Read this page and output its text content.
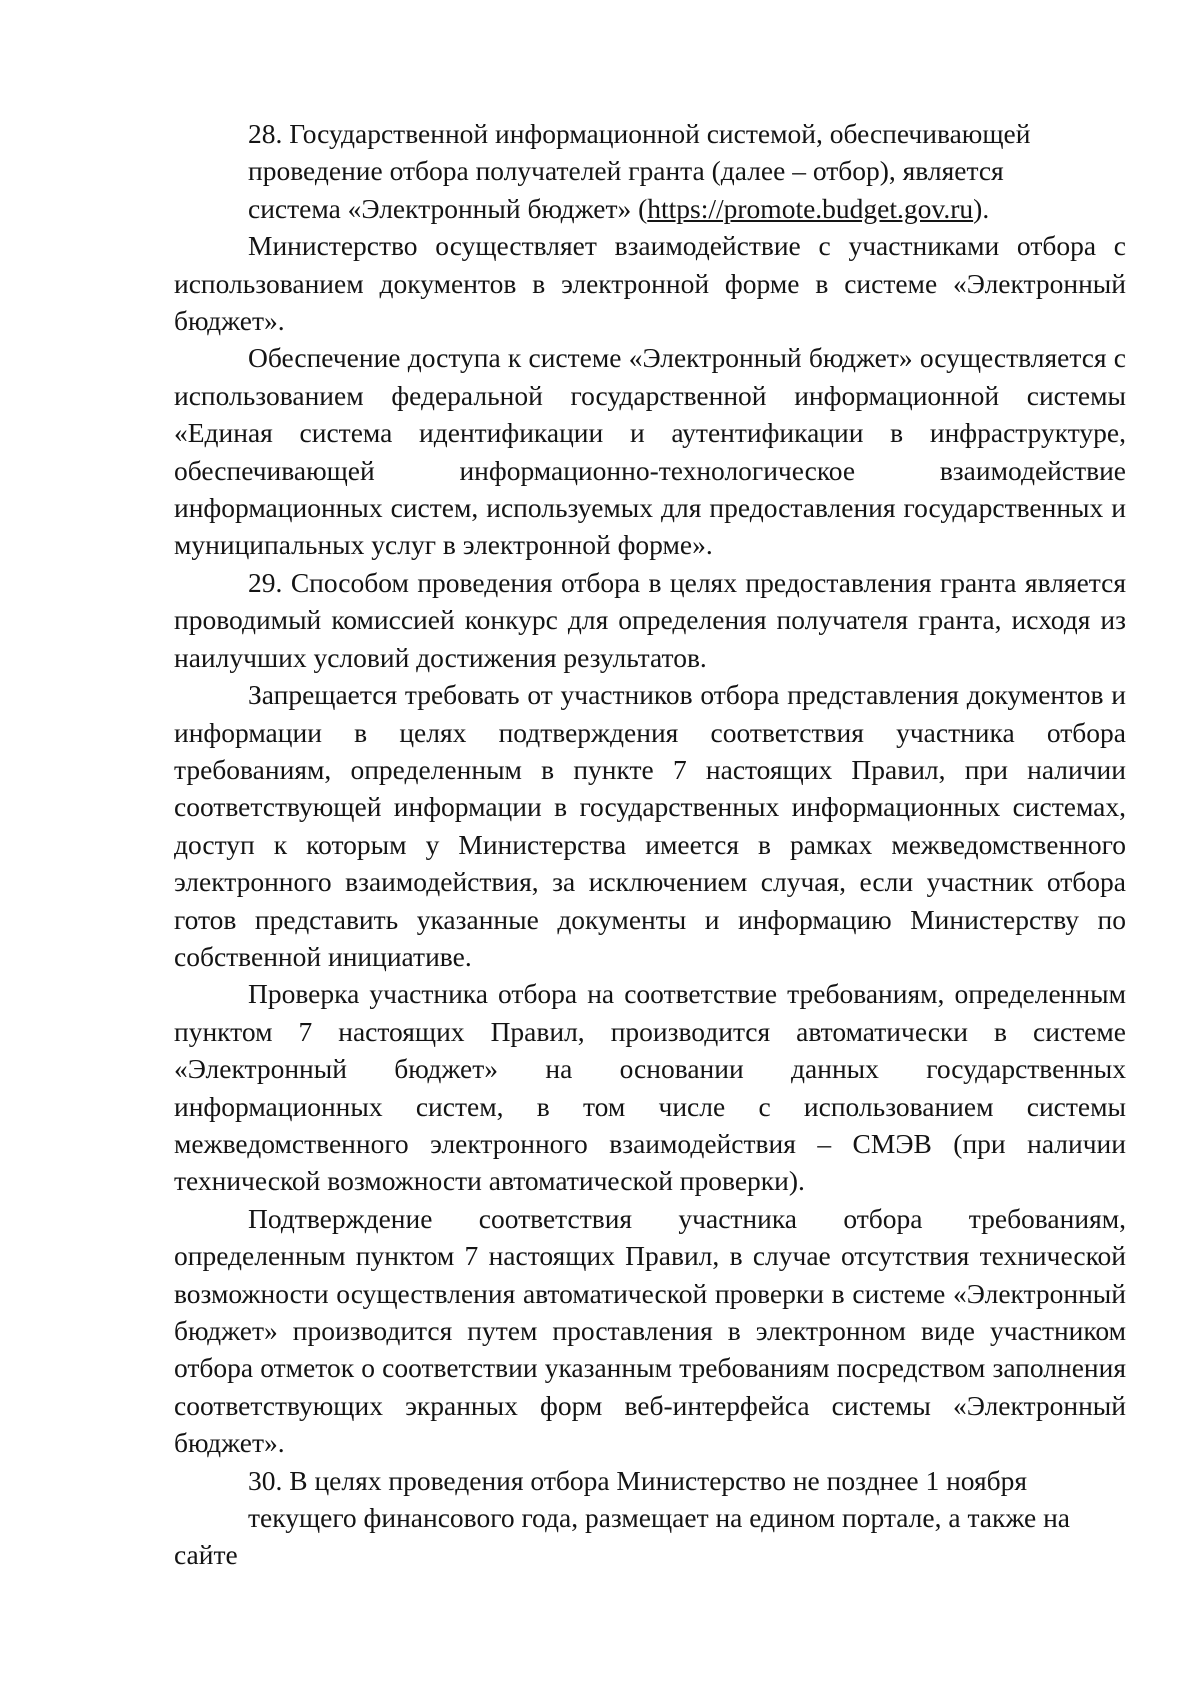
28. Государственной информационной системой, обеспечивающей
проведение отбора получателей гранта (далее – отбор), является
система «Электронный бюджет» (https://promote.budget.gov.ru).

Министерство осуществляет взаимодействие с участниками отбора с использованием документов в электронной форме в системе «Электронный бюджет».

Обеспечение доступа к системе «Электронный бюджет» осуществляется с использованием федеральной государственной информационной системы «Единая система идентификации и аутентификации в инфраструктуре, обеспечивающей информационно-технологическое взаимодействие информационных систем, используемых для предоставления государственных и муниципальных услуг в электронной форме».

29. Способом проведения отбора в целях предоставления гранта является проводимый комиссией конкурс для определения получателя гранта, исходя из наилучших условий достижения результатов.

Запрещается требовать от участников отбора представления документов и информации в целях подтверждения соответствия участника отбора требованиям, определенным в пункте 7 настоящих Правил, при наличии соответствующей информации в государственных информационных системах, доступ к которым у Министерства имеется в рамках межведомственного электронного взаимодействия, за исключением случая, если участник отбора готов представить указанные документы и информацию Министерству по собственной инициативе.

Проверка участника отбора на соответствие требованиям, определенным пунктом 7 настоящих Правил, производится автоматически в системе «Электронный бюджет» на основании данных государственных информационных систем, в том числе с использованием системы межведомственного электронного взаимодействия – СМЭВ (при наличии технической возможности автоматической проверки).

Подтверждение соответствия участника отбора требованиям, определенным пунктом 7 настоящих Правил, в случае отсутствия технической возможности осуществления автоматической проверки в системе «Электронный бюджет» производится путем проставления в электронном виде участником отбора отметок о соответствии указанным требованиям посредством заполнения соответствующих экранных форм веб-интерфейса системы «Электронный бюджет».

30. В целях проведения отбора Министерство не позднее 1 ноября
текущего финансового года, размещает на едином портале, а также на сайте
